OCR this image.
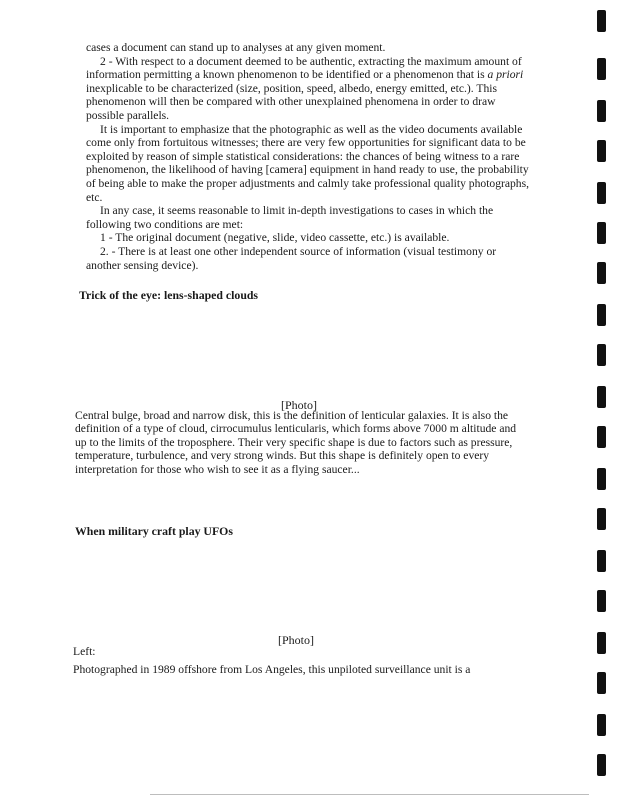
cases a document can stand up to analyses at any given moment.

2 - With respect to a document deemed to be authentic, extracting the maximum amount of information permitting a known phenomenon to be identified or a phenomenon that is a priori inexplicable to be characterized (size, position, speed, albedo, energy emitted, etc.). This phenomenon will then be compared with other unexplained phenomena in order to draw possible parallels.

It is important to emphasize that the photographic as well as the video documents available come only from fortuitous witnesses; there are very few opportunities for significant data to be exploited by reason of simple statistical considerations: the chances of being witness to a rare phenomenon, the likelihood of having [camera] equipment in hand ready to use, the probability of being able to make the proper adjustments and calmly take professional quality photographs, etc.

In any case, it seems reasonable to limit in-depth investigations to cases in which the following two conditions are met:

1 - The original document (negative, slide, video cassette, etc.) is available.

2. - There is at least one other independent source of information (visual testimony or another sensing device).

Trick of the eye: lens-shaped clouds
[Photo]

Central bulge, broad and narrow disk, this is the definition of lenticular galaxies. It is also the definition of a type of cloud, cirrocumulus lenticularis, which forms above 7000 m altitude and up to the limits of the troposphere. Their very specific shape is due to factors such as pressure, temperature, turbulence, and very strong winds. But this shape is definitely open to every interpretation for those who wish to see it as a flying saucer...

When military craft play UFOs
[Photo]
Left:

Photographed in 1989 offshore from Los Angeles, this unpiloted surveillance unit is a
